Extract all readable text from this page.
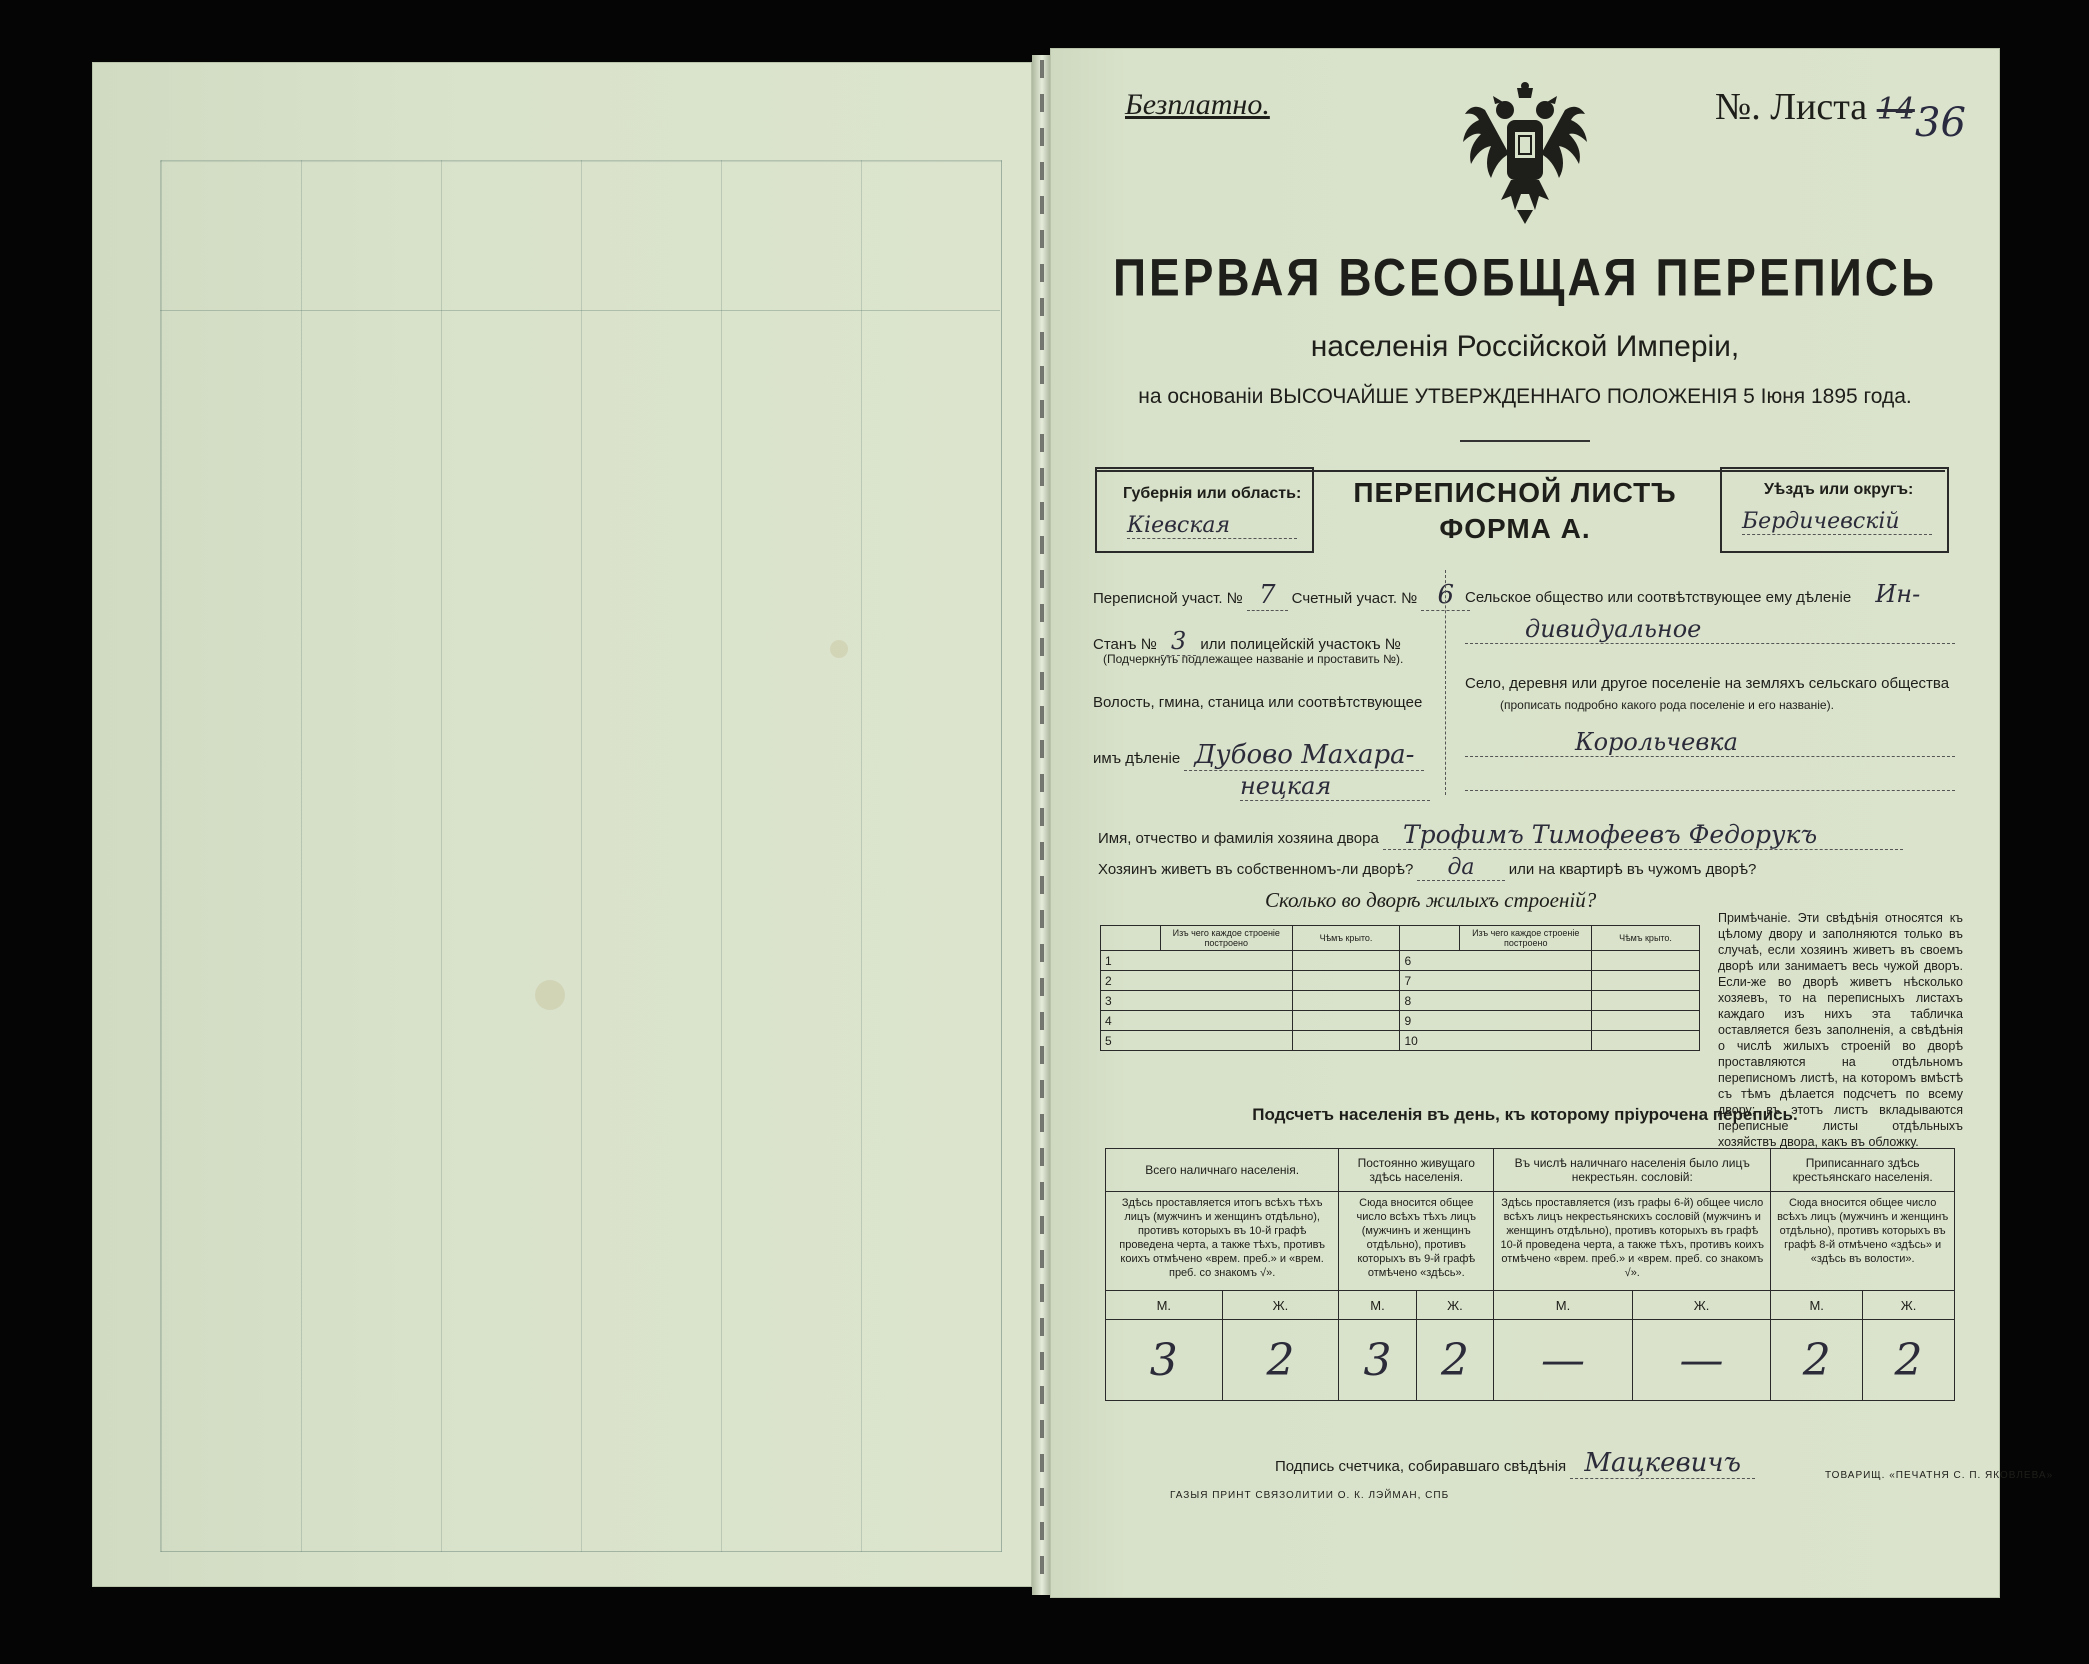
Безплатно.	№. Листа 14 36
ПЕРВАЯ ВСЕОБЩАЯ ПЕРЕПИСЬ
населенія Россійской Имперіи,
на основаніи ВЫСОЧАЙШЕ УТВЕРЖДЕННАГО ПОЛОЖЕНІЯ 5 Іюня 1895 года.
Губернія или область:
Кіевская
ПЕРЕПИСНОЙ ЛИСТЪ
ФОРМА А.
Уѣздъ или округъ:
Бердичевскій
Переписной участ. № 7 Счетный участ. № 6
Станъ № 3 или полицейскій участокъ №
(Подчеркнуть подлежащее названіе и проставить №).
Волость, гмина, станица или соотвѣтствующее
имъ дѣленіе Дубово Махара-
нецкая
Сельское общество или соотвѣтствующее ему дѣленіе Ин-
дивидуальное
Село, деревня или другое поселеніе на земляхъ сельскаго общества
(прописать подробно какого рода поселеніе и его названіе).
Корольчевка
Имя, отчество и фамилія хозяина двора Трофимъ Тимофеевъ Федорукъ
Хозяинъ живетъ въ собственномъ-ли дворѣ? да или на квартирѣ въ чужомъ дворѣ?
Сколько во дворѣ жилыхъ строеній?
	Изъ чего каждое строеніе построено	Чѣмъ крыто.		Изъ чего каждое строеніе построено	Чѣмъ крыто.
1			6		
2			7		
3			8		
4			9		
5			10		
Примѣчаніе. Эти свѣдѣнія относятся къ цѣлому двору и заполняются только въ случаѣ, если хозяинъ живетъ въ своемъ дворѣ или занимаетъ весь чужой дворъ. Если-же во дворѣ живетъ нѣсколько хозяевъ, то на переписныхъ листахъ каждаго изъ нихъ эта табличка оставляется безъ заполненія, а свѣдѣнія о числѣ жилыхъ строеній во дворѣ проставляются на отдѣльномъ переписномъ листѣ, на которомъ вмѣстѣ съ тѣмъ дѣлается подсчетъ по всему двору; въ этотъ листъ вкладываются переписные листы отдѣльныхъ хозяйствъ двора, какъ въ обложку.
Подсчетъ населенія въ день, къ которому пріурочена перепись.
Всего наличнаго населенія.		Постоянно живущаго здѣсь населенія.		Въ числѣ наличнаго населенія было лицъ некрестьян. сословій:		Приписаннаго здѣсь крестьянскаго населенія.	
Здѣсь проставляется итогъ всѣхъ тѣхъ лицъ (мужчинъ и женщинъ отдѣльно), противъ которыхъ въ 10-й графѣ проведена черта, а также тѣхъ, противъ коихъ отмѣчено «врем. преб.» и «врем. преб. со знакомъ √».		Сюда вносится общее число всѣхъ тѣхъ лицъ (мужчинъ и женщинъ отдѣльно), противъ которыхъ въ 9-й графѣ отмѣчено «здѣсь».		Здѣсь проставляется (изъ графы 6-й) общее число всѣхъ лицъ некрестьянскихъ сословій (мужчинъ и женщинъ отдѣльно), противъ которыхъ въ графѣ 10-й проведена черта, а также тѣхъ, противъ коихъ отмѣчено «врем. преб.» и «врем. преб. со знакомъ √».		Сюда вносится общее число всѣхъ лицъ (мужчинъ и женщинъ отдѣльно), противъ которыхъ въ графѣ 8-й отмѣчено «здѣсь» и «здѣсь въ волости».	
М.	Ж.	М.	Ж.	М.	Ж.	М.	Ж.
3	2	3	2	—	—	2	2
Подпись счетчика, собиравшаго свѣдѣнія Мацкевичъ
ГАЗЫЯ ПРИНТ СВЯЗОЛИТИИ О. К. ЛЭЙМАН, СПБ
ТОВАРИЩ. «ПЕЧАТНЯ С. П. ЯКОВЛЕВА»
